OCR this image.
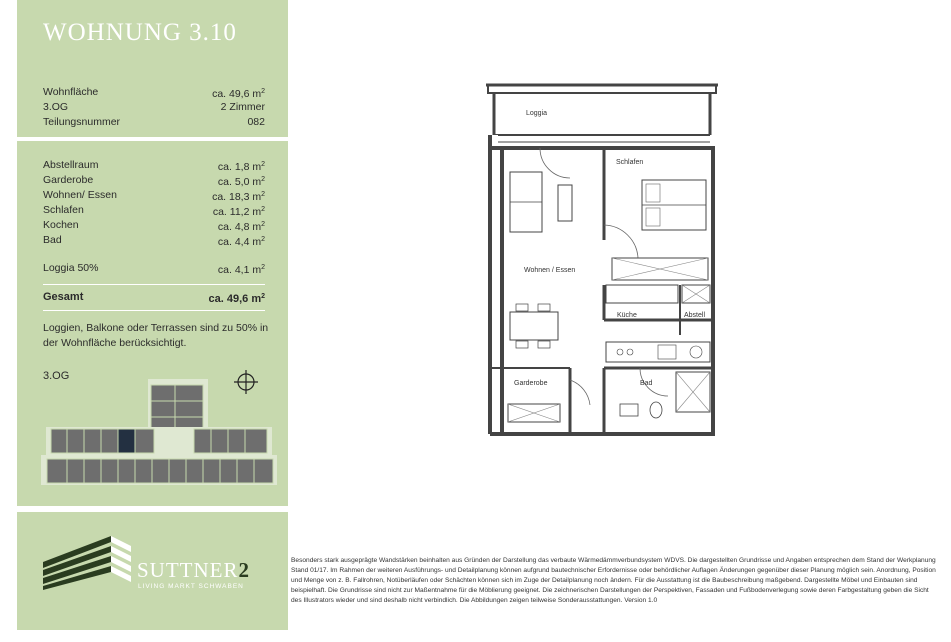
WOHNUNG 3.10
Wohnfläche	ca. 49,6 $m^2$
3.OG	2 Zimmer
Teilungsnummer	082
Abstellraum	ca. 1,8 $m^2$
Garderobe	ca. 5,0 $m^2$
Wohnen/ Essen	ca. 18,3 $m^2$
Schlafen	ca. 11,2 $m^2$
Kochen	ca. 4,8 $m^2$
Bad	ca. 4,4 $m^2$
Loggia 50%	ca. 4,1 $m^2$
Gesamt	ca. 49,6 $m^2$
Loggien, Balkone oder Terrassen sind zu 50% in der Wohnfläche berücksichtigt.
3.OG
SUTTNER2
LIVING MARKT SCHWABEN
Loggia
Schlafen
Wohnen / Essen
Küche	Abstell
Garderobe	Bad

Besonders stark ausgeprägte Wandstärken beinhalten aus Gründen der Darstellung das verbaute Wärmedämmverbundsystem WDVS. Die dargestellten Grundrisse und Angaben entsprechen dem Stand der Werkplanung Stand 01/17. Im Rahmen der weiteren Ausführungs- und Detailplanung können aufgrund bautechnischer Erfordernisse oder behördlicher Auflagen Änderungen gegenüber dieser Planung möglich sein. Anordnung, Position und Menge von z. B. Fallrohren, Notüberläufen oder Schächten können sich im Zuge der Detailplanung noch ändern. Für die Ausstattung ist die Baubeschreibung maßgebend. Dargestellte Möbel und Einbauten sind beispielhaft. Die Grundrisse sind nicht zur Maßentnahme für die Möblierung geeignet. Die zeichnerischen Darstellungen der Perspektiven, Fassaden und Fußbodenverlegung sowie deren Farbgestaltung geben die Sicht des Illustrators wieder und sind deshalb nicht verbindlich. Die Abbildungen zeigen teilweise Sonderausstattungen. Version 1.0
